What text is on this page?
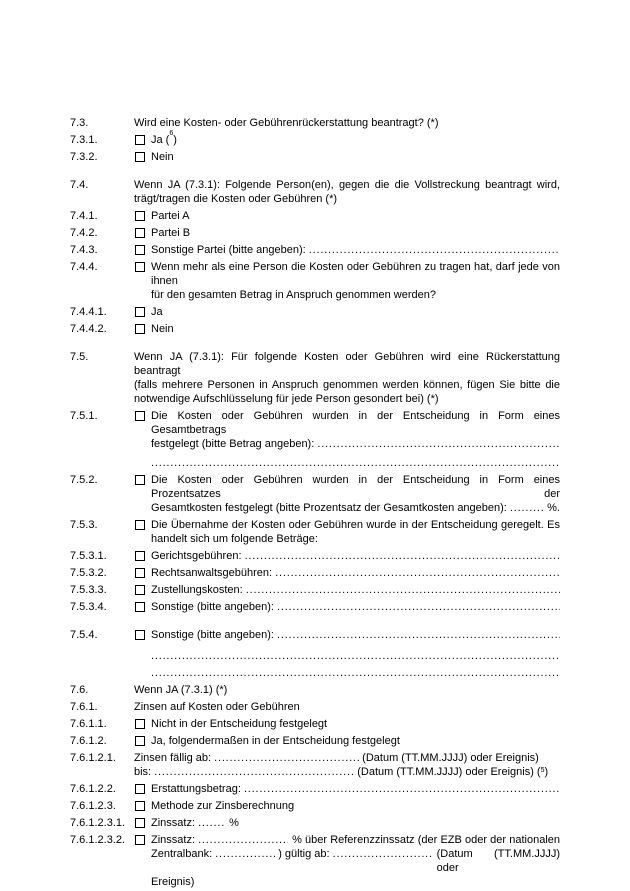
7.3.	Wird eine Kosten- oder Gebührenrückerstattung beantragt? (*)
7.3.1.	Ja ($^6$)
7.3.2.	Nein
7.4.	Wenn JA (7.3.1): Folgende Person(en), gegen die die Vollstreckung beantragt wird,
trägt/tragen die Kosten oder Gebühren (*)
7.4.1.	Partei A
7.4.2.	Partei B
7.4.3.	Sonstige Partei (bitte angeben):
.....
7.4.4.	Wenn mehr als eine Person die Kosten oder Gebühren zu tragen hat, darf jede von ihnen
für den gesamten Betrag in Anspruch genommen werden?
7.4.4.1.	Ja
7.4.4.2.	Nein
7.5.	Wenn JA (7.3.1): Für folgende Kosten oder Gebühren wird eine Rückerstattung beantragt
(falls mehrere Personen in Anspruch genommen werden können, fügen Sie bitte die
notwendige Aufschlüsselung für jede Person gesondert bei) (*)
7.5.1.	Die Kosten oder Gebühren wurden in der Entscheidung in Form eines Gesamtbetrags
festgelegt (bitte Betrag angeben):
.....
.....
7.5.2.	Die Kosten oder Gebühren wurden in der Entscheidung in Form eines Prozentsatzes der
Gesamtkosten festgelegt (bitte Prozentsatz der Gesamtkosten angeben): .....	%.
7.5.3.	Die Übernahme der Kosten oder Gebühren wurde in der Entscheidung geregelt. Es
handelt sich um folgende Beträge:
7.5.3.1.	Gerichtsgebühren:
.....
7.5.3.2.	Rechtsanwaltsgebühren:
.....
7.5.3.3.	Zustellungskosten:
.....
7.5.3.4.	Sonstige (bitte angeben):
.....
7.5.4.	Sonstige (bitte angeben):
.....
.....
.....
7.6.	Wenn JA (7.3.1) (*)
7.6.1.	Zinsen auf Kosten oder Gebühren
7.6.1.1.	Nicht in der Entscheidung festgelegt
7.6.1.2.	Ja, folgendermaßen in der Entscheidung festgelegt
7.6.1.2.1.	Zinsen fällig ab: .....	(Datum (TT.MM.JJJJ) oder Ereignis)
bis: .....	(Datum (TT.MM.JJJJ) oder Ereignis) ($^5$ )
7.6.1.2.2.	Erstattungsbetrag:
.....
7.6.1.2.3.	Methode zur Zinsberechnung
7.6.1.2.3.1.	Zinssatz: .....	%
7.6.1.2.3.2.	Zinssatz: .....	% über Referenzzinssatz (der EZB oder der nationalen
Zentralbank: .....	) gültig ab: .....	(Datum (TT.MM.JJJJ) oder
Ereignis)
